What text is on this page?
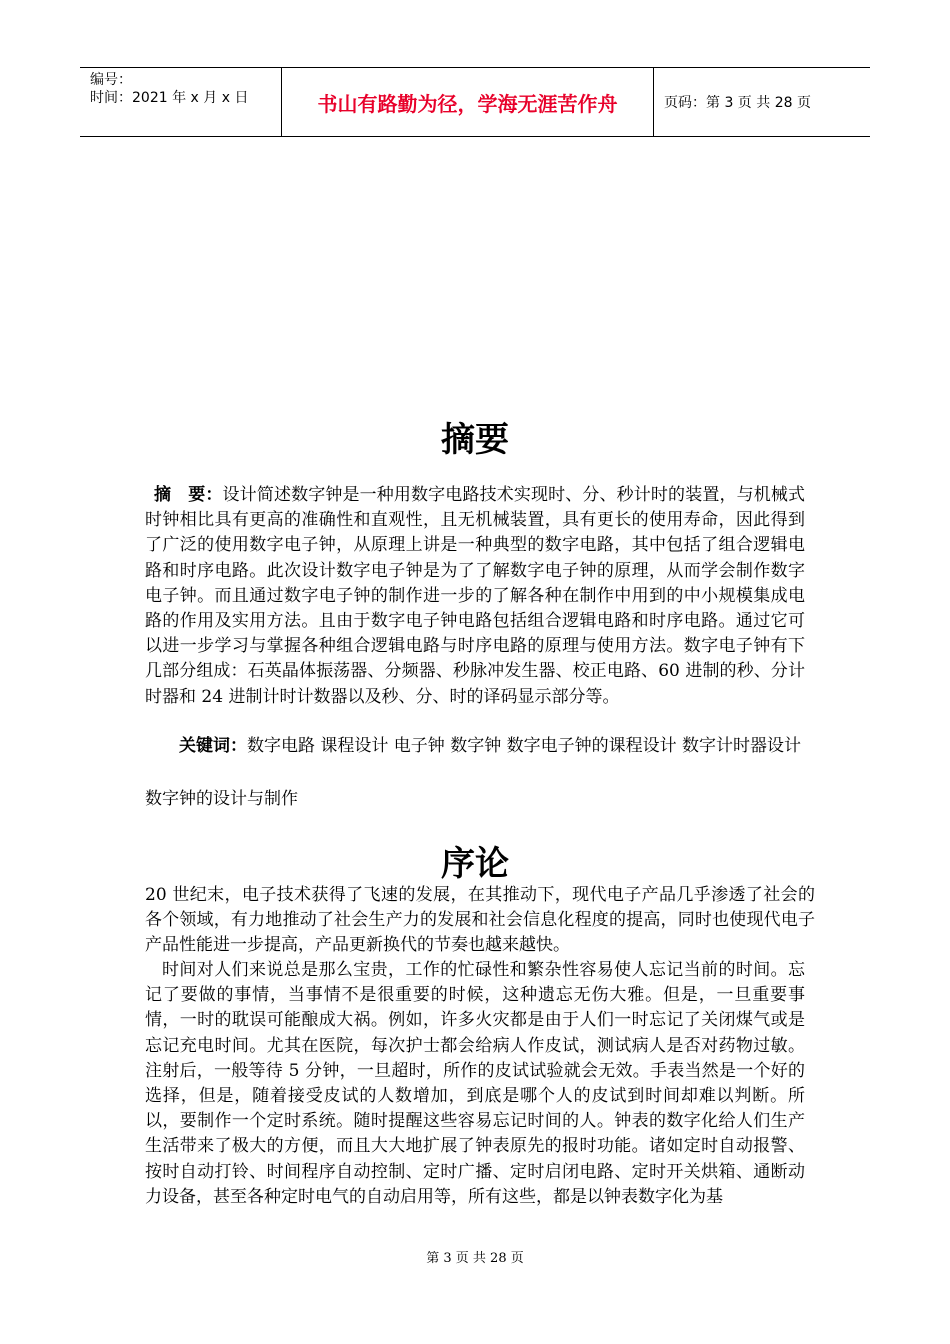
编号：
时间：2021 年 x 月 x 日	书山有路勤为径，学海无涯苦作舟	页码：第 3 页 共 28 页
摘要
摘　要：设计简述数字钟是一种用数字电路技术实现时、分、秒计时的装置，与机械式时钟相比具有更高的准确性和直观性，且无机械装置，具有更长的使用寿命，因此得到了广泛的使用数字电子钟，从原理上讲是一种典型的数字电路，其中包括了组合逻辑电路和时序电路。此次设计数字电子钟是为了了解数字电子钟的原理，从而学会制作数字电子钟。而且通过数字电子钟的制作进一步的了解各种在制作中用到的中小规模集成电路的作用及实用方法。且由于数字电子钟电路包括组合逻辑电路和时序电路。通过它可以进一步学习与掌握各种组合逻辑电路与时序电路的原理与使用方法。数字电子钟有下几部分组成：石英晶体振荡器、分频器、秒脉冲发生器、校正电路、60 进制的秒、分计时器和 24 进制计时计数器以及秒、分、时的译码显示部分等。
关键词：数字电路 课程设计 电子钟 数字钟 数字电子钟的课程设计 数字计时器设计
数字钟的设计与制作
序论
20 世纪末，电子技术获得了飞速的发展，在其推动下，现代电子产品几乎渗透了社会的各个领域，有力地推动了社会生产力的发展和社会信息化程度的提高，同时也使现代电子产品性能进一步提高，产品更新换代的节奏也越来越快。
时间对人们来说总是那么宝贵，工作的忙碌性和繁杂性容易使人忘记当前的时间。忘记了要做的事情，当事情不是很重要的时候，这种遗忘无伤大雅。但是，一旦重要事情，一时的耽误可能酿成大祸。例如，许多火灾都是由于人们一时忘记了关闭煤气或是忘记充电时间。尤其在医院，每次护士都会给病人作皮试，测试病人是否对药物过敏。注射后，一般等待 5 分钟，一旦超时，所作的皮试试验就会无效。手表当然是一个好的选择，但是，随着接受皮试的人数增加，到底是哪个人的皮试到时间却难以判断。所以，要制作一个定时系统。随时提醒这些容易忘记时间的人。钟表的数字化给人们生产生活带来了极大的方便，而且大大地扩展了钟表原先的报时功能。诸如定时自动报警、按时自动打铃、时间程序自动控制、定时广播、定时启闭电路、定时开关烘箱、通断动力设备，甚至各种定时电气的自动启用等，所有这些，都是以钟表数字化为基
第 3 页 共 28 页
